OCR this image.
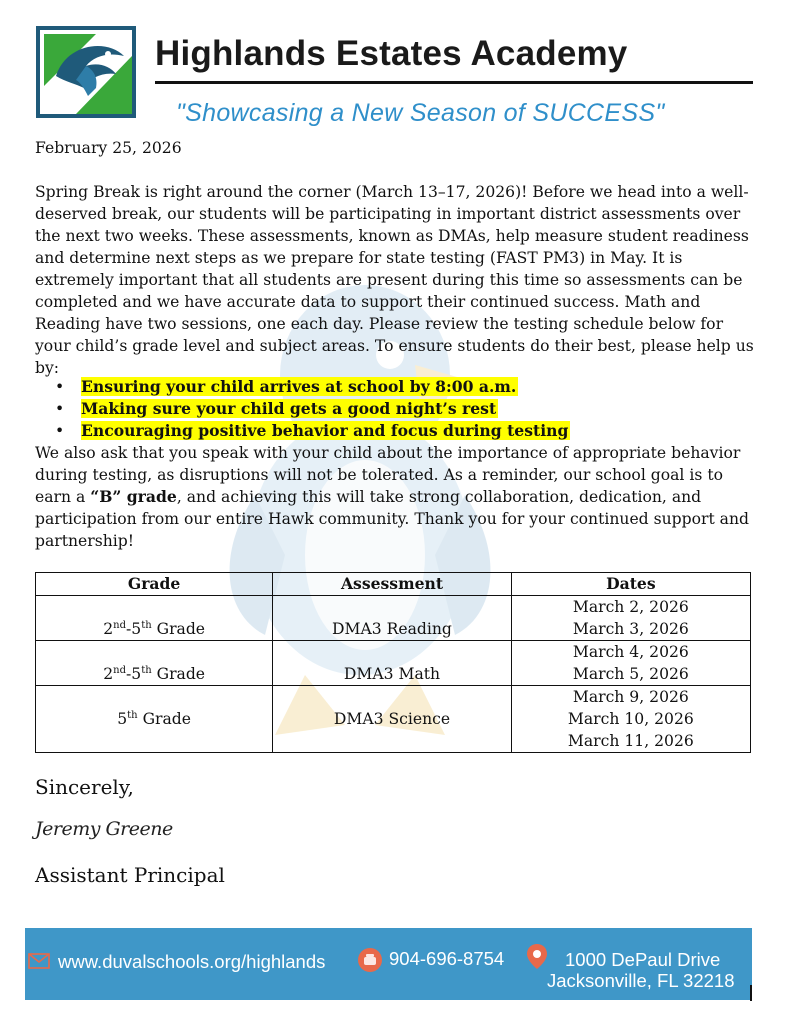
Highlands Estates Academy
"Showcasing a New Season of SUCCESS"
February 25, 2026
Spring Break is right around the corner (March 13–17, 2026)! Before we head into a well-deserved break, our students will be participating in important district assessments over the next two weeks. These assessments, known as DMAs, help measure student readiness and determine next steps as we prepare for state testing (FAST PM3) in May. It is extremely important that all students are present during this time so assessments can be completed and we have accurate data to support their continued success. Math and Reading have two sessions, one each day. Please review the testing schedule below for your child’s grade level and subject areas. To ensure students do their best, please help us by:
• Ensuring your child arrives at school by 8:00 a.m.
• Making sure your child gets a good night’s rest
• Encouraging positive behavior and focus during testing
We also ask that you speak with your child about the importance of appropriate behavior during testing, as disruptions will not be tolerated. As a reminder, our school goal is to earn a “B” grade, and achieving this will take strong collaboration, dedication, and participation from our entire Hawk community. Thank you for your continued support and partnership!
Grade	Assessment	Dates
2nd-5th Grade	DMA3 Reading	March 2, 2026
March 3, 2026

2nd-5th Grade	DMA3 Math	March 4, 2026
March 5, 2026

5th Grade	DMA3 Science	March 9, 2026
March 10, 2026
March 11, 2026
Sincerely,
Jeremy Greene
Assistant Principal
www.duvalschools.org/highlands	904-696-8754	1000 DePaul Drive
Jacksonville, FL 32218
